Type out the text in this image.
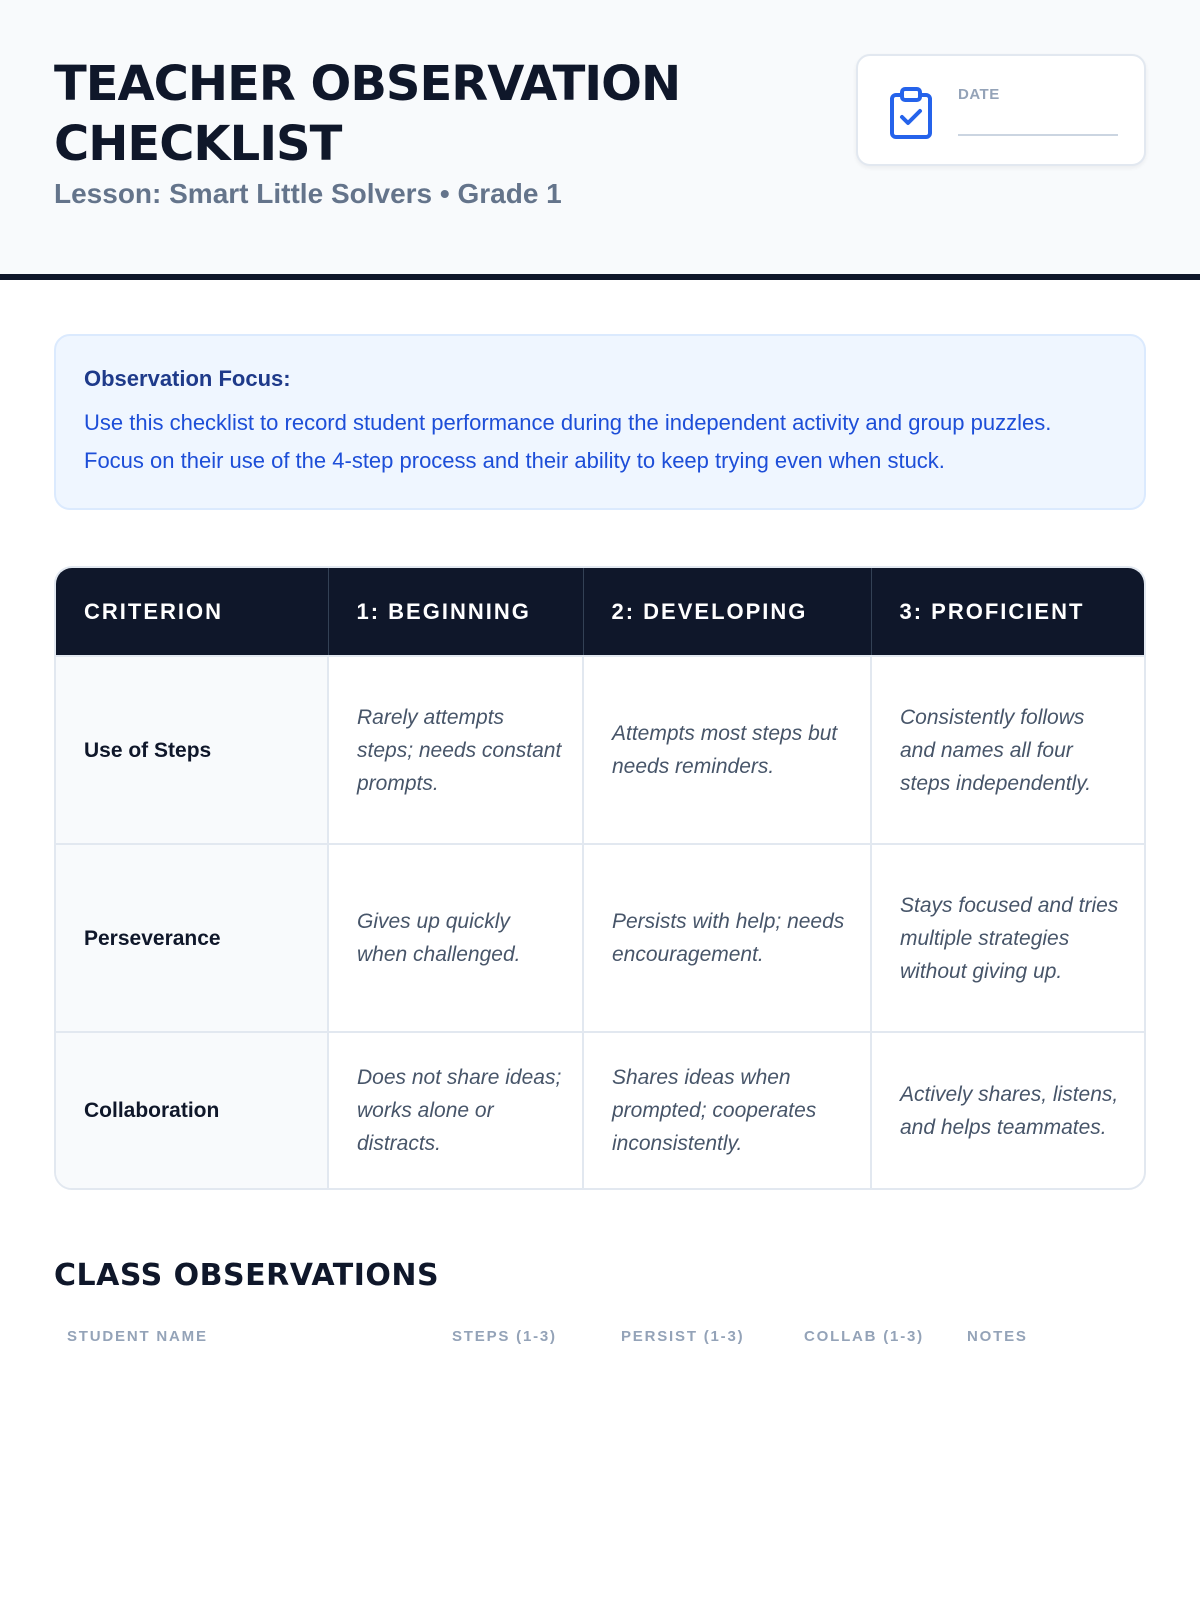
TEACHER OBSERVATION CHECKLIST
Lesson: Smart Little Solvers • Grade 1
DATE
Observation Focus:
Use this checklist to record student performance during the independent activity and group puzzles. Focus on their use of the 4-step process and their ability to keep trying even when stuck.
CRITERION	1: BEGINNING	2: DEVELOPING	3: PROFICIENT
Use of Steps	Rarely attempts steps; needs constant prompts.	Attempts most steps but needs reminders.	Consistently follows and names all four steps independently.
Perseverance	Gives up quickly when challenged.	Persists with help; needs encouragement.	Stays focused and tries multiple strategies without giving up.
Collaboration	Does not share ideas; works alone or distracts.	Shares ideas when prompted; cooperates inconsistently.	Actively shares, listens, and helps teammates.
CLASS OBSERVATIONS
STUDENT NAME	STEPS (1-3)	PERSIST (1-3)	COLLAB (1-3)	NOTES
